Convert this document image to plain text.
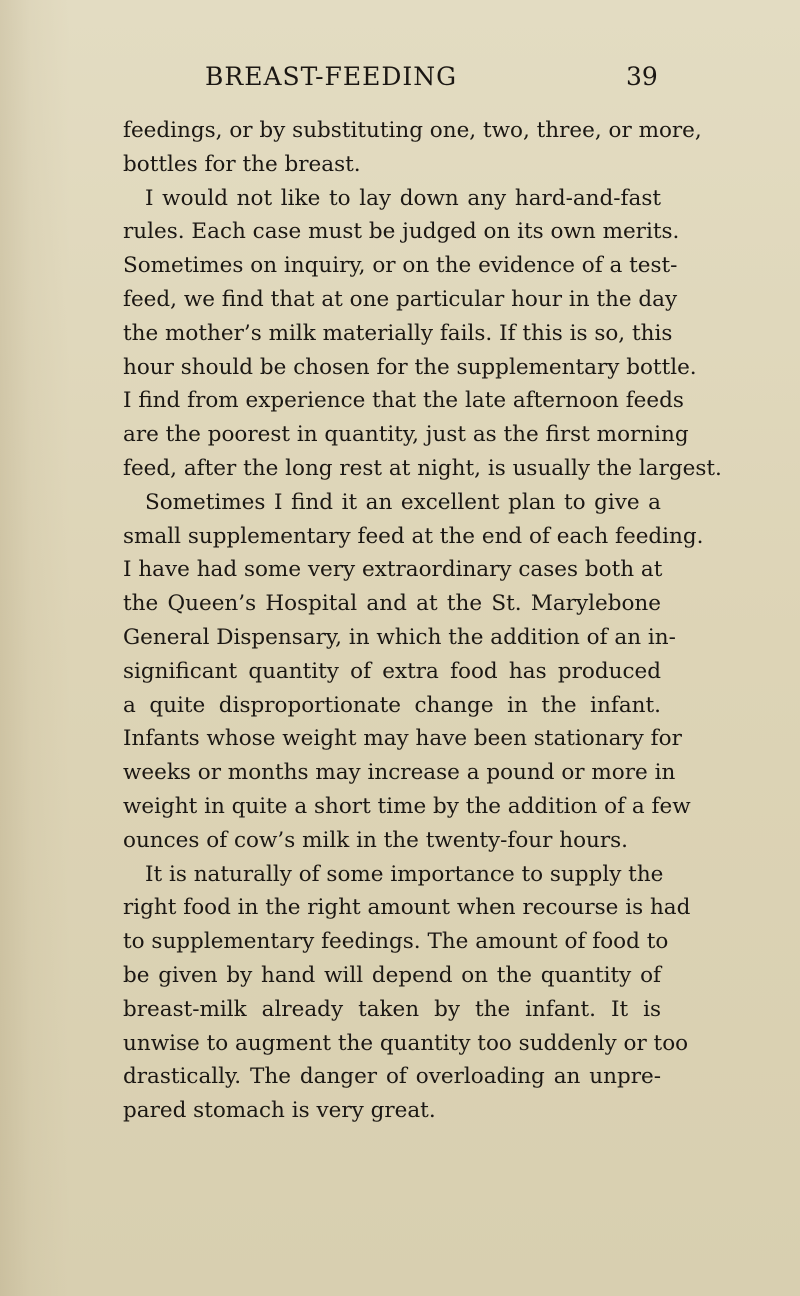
BREAST-FEEDING	39
feedings, or by substituting one, two, three, or more,
bottles for the breast.
I would not like to lay down any hard-and-fast
rules. Each case must be judged on its own merits.
Sometimes on inquiry, or on the evidence of a test-
feed, we find that at one particular hour in the day
the mother’s milk materially fails. If this is so, this
hour should be chosen for the supplementary bottle.
I find from experience that the late afternoon feeds
are the poorest in quantity, just as the first morning
feed, after the long rest at night, is usually the largest.
Sometimes I find it an excellent plan to give a
small supplementary feed at the end of each feeding.
I have had some very extraordinary cases both at
the Queen’s Hospital and at the St. Marylebone
General Dispensary, in which the addition of an in-
significant quantity of extra food has produced
a quite disproportionate change in the infant.
Infants whose weight may have been stationary for
weeks or months may increase a pound or more in
weight in quite a short time by the addition of a few
ounces of cow’s milk in the twenty-four hours.
It is naturally of some importance to supply the
right food in the right amount when recourse is had
to supplementary feedings. The amount of food to
be given by hand will depend on the quantity of
breast-milk already taken by the infant. It is
unwise to augment the quantity too suddenly or too
drastically. The danger of overloading an unpre-
pared stomach is very great.
